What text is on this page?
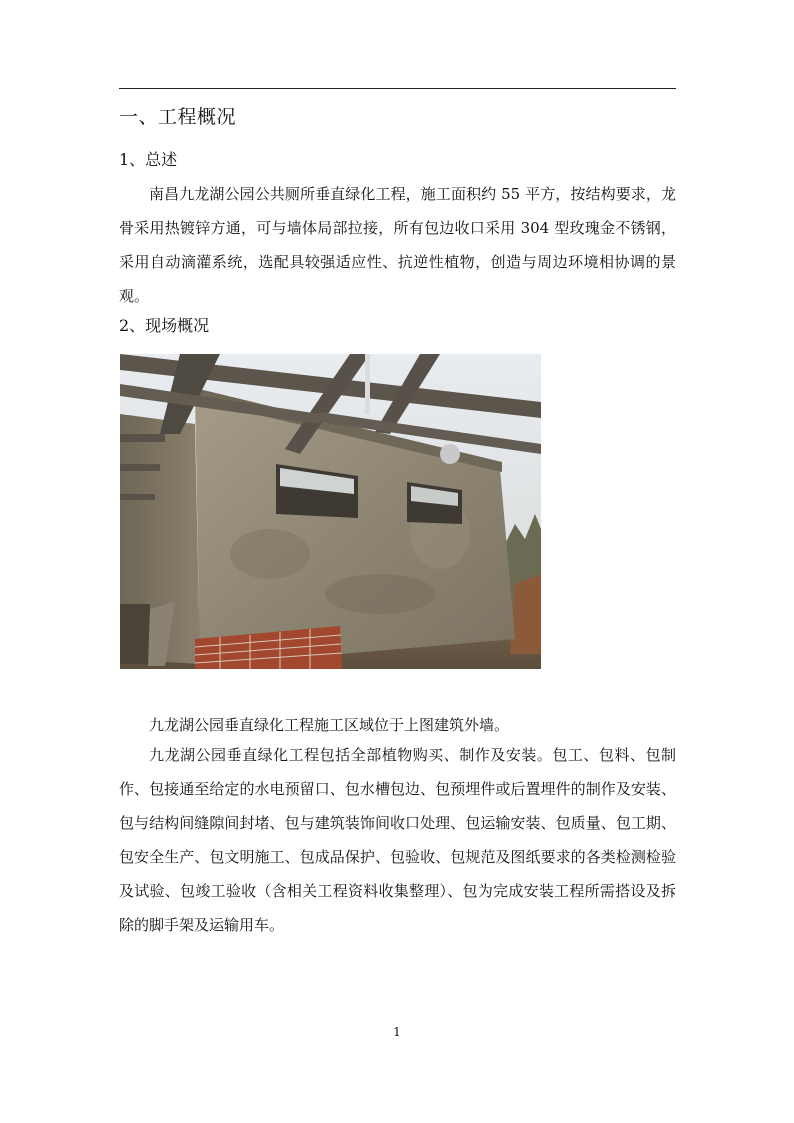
一、工程概况
1、总述

南昌九龙湖公园公共厕所垂直绿化工程，施工面积约 55 平方，按结构要求，龙骨采用热镀锌方通，可与墙体局部拉接，所有包边收口采用 304 型玫瑰金不锈钢，采用自动滴灌系统，选配具较强适应性、抗逆性植物，创造与周边环境相协调的景观。

2、现场概况

九龙湖公园垂直绿化工程施工区域位于上图建筑外墙。

九龙湖公园垂直绿化工程包括全部植物购买、制作及安装。包工、包料、包制作、包接通至给定的水电预留口、包水槽包边、包预埋件或后置埋件的制作及安装、包与结构间缝隙间封堵、包与建筑装饰间收口处理、包运输安装、包质量、包工期、包安全生产、包文明施工、包成品保护、包验收、包规范及图纸要求的各类检测检验及试验、包竣工验收（含相关工程资料收集整理）、包为完成安装工程所需搭设及拆除的脚手架及运输用车。

1
